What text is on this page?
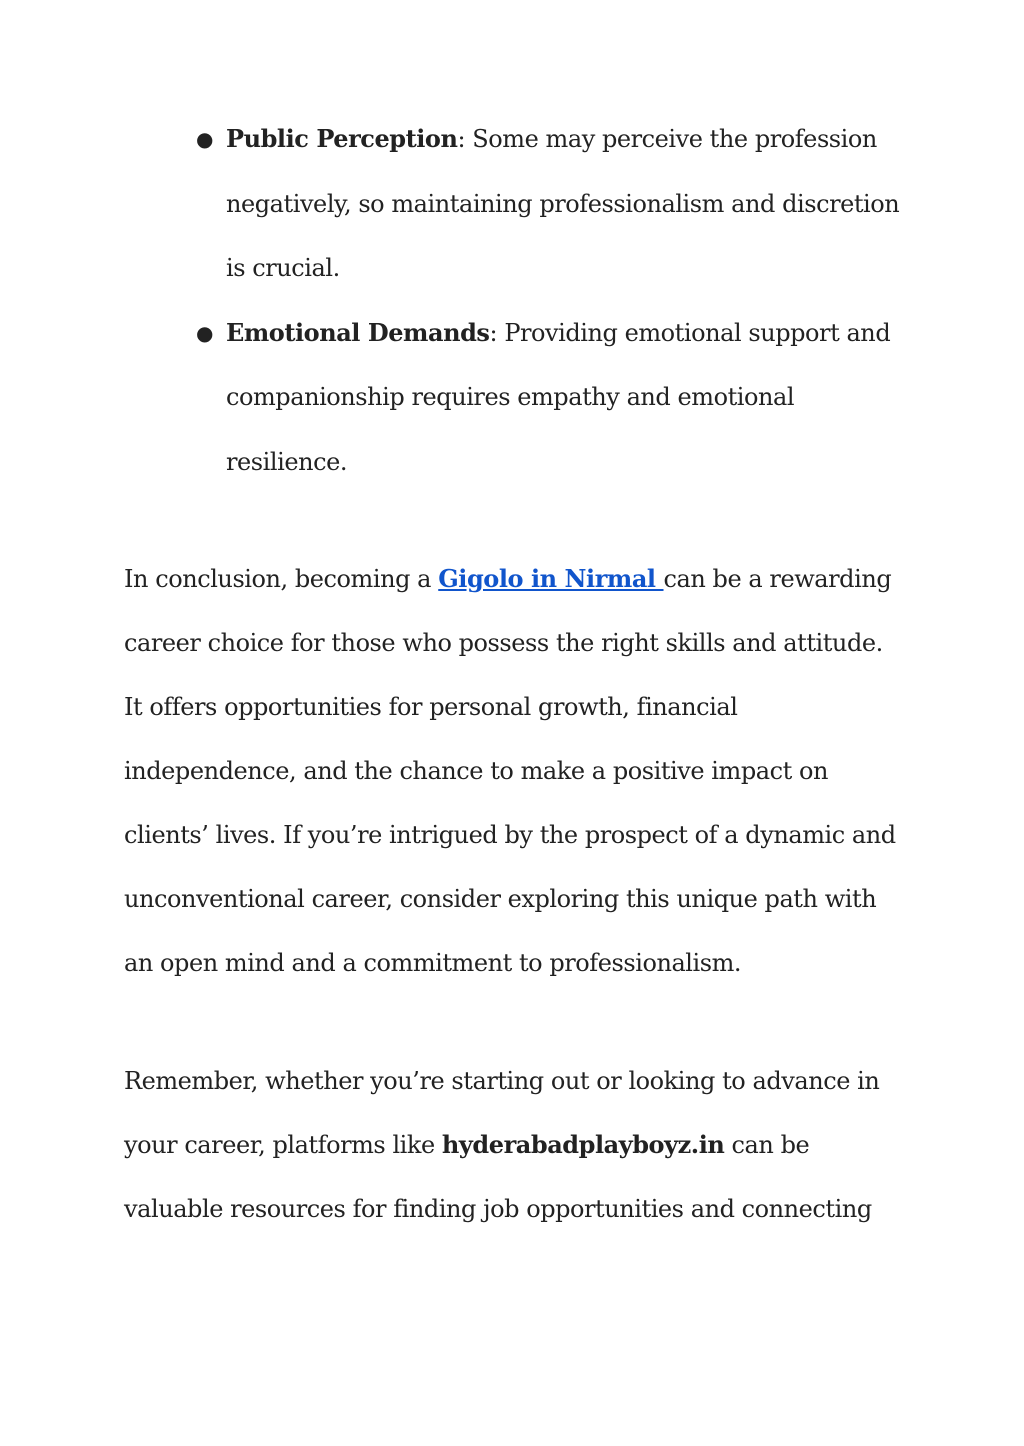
● Public Perception: Some may perceive the profession negatively, so maintaining professionalism and discretion is crucial.
● Emotional Demands: Providing emotional support and companionship requires empathy and emotional resilience.

In conclusion, becoming a Gigolo in Nirmal can be a rewarding career choice for those who possess the right skills and attitude. It offers opportunities for personal growth, financial independence, and the chance to make a positive impact on clients’ lives. If you’re intrigued by the prospect of a dynamic and unconventional career, consider exploring this unique path with an open mind and a commitment to professionalism.

Remember, whether you’re starting out or looking to advance in your career, platforms like hyderabadplayboyz.in can be valuable resources for finding job opportunities and connecting
